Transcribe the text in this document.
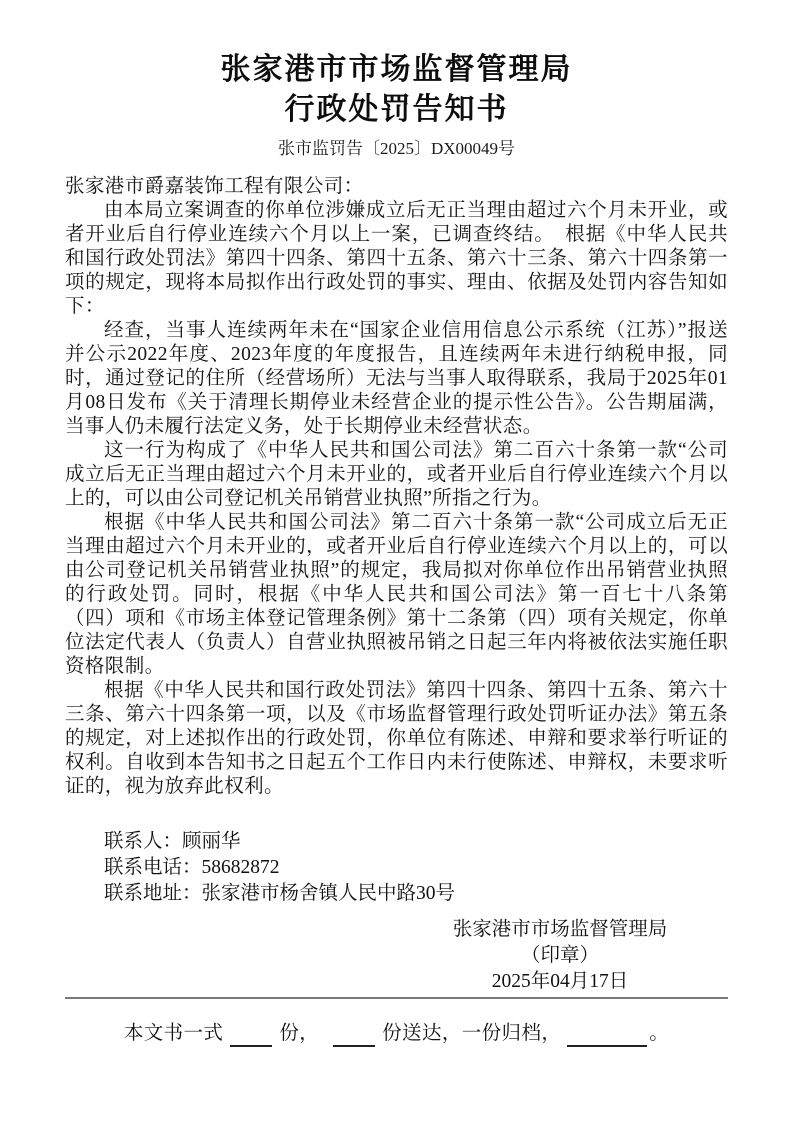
张家港市市场监督管理局
行政处罚告知书
张市监罚告〔2025〕DX00049号

张家港市爵嘉装饰工程有限公司：

由本局立案调查的你单位涉嫌成立后无正当理由超过六个月未开业，或者开业后自行停业连续六个月以上一案，已调查终结。　根据《中华人民共和国行政处罚法》第四十四条、第四十五条、第六十三条、第六十四条第一项的规定，现将本局拟作出行政处罚的事实、理由、依据及处罚内容告知如下：

经查，当事人连续两年未在“国家企业信用信息公示系统（江苏）”报送并公示2022年度、2023年度的年度报告，且连续两年未进行纳税申报，同时，通过登记的住所（经营场所）无法与当事人取得联系，我局于2025年01月08日发布《关于清理长期停业未经营企业的提示性公告》。公告期届满，当事人仍未履行法定义务，处于长期停业未经营状态。

这一行为构成了《中华人民共和国公司法》第二百六十条第一款“公司成立后无正当理由超过六个月未开业的，或者开业后自行停业连续六个月以上的，可以由公司登记机关吊销营业执照”所指之行为。

根据《中华人民共和国公司法》第二百六十条第一款“公司成立后无正当理由超过六个月未开业的，或者开业后自行停业连续六个月以上的，可以由公司登记机关吊销营业执照”的规定，我局拟对你单位作出吊销营业执照的行政处罚。同时，根据《中华人民共和国公司法》第一百七十八条第（四）项和《市场主体登记管理条例》第十二条第（四）项有关规定，你单位法定代表人（负责人）自营业执照被吊销之日起三年内将被依法实施任职资格限制。

根据《中华人民共和国行政处罚法》第四十四条、第四十五条、第六十三条、第六十四条第一项，以及《市场监督管理行政处罚听证办法》第五条的规定，对上述拟作出的行政处罚，你单位有陈述、申辩和要求举行听证的权利。自收到本告知书之日起五个工作日内未行使陈述、申辩权，未要求听证的，视为放弃此权利。

联系人：顾丽华

联系电话：58682872

联系地址：张家港市杨舍镇人民中路30号

张家港市市场监督管理局
（印章）
2025年04月17日
本文书一式	份，	份送达，一份归档，	。
